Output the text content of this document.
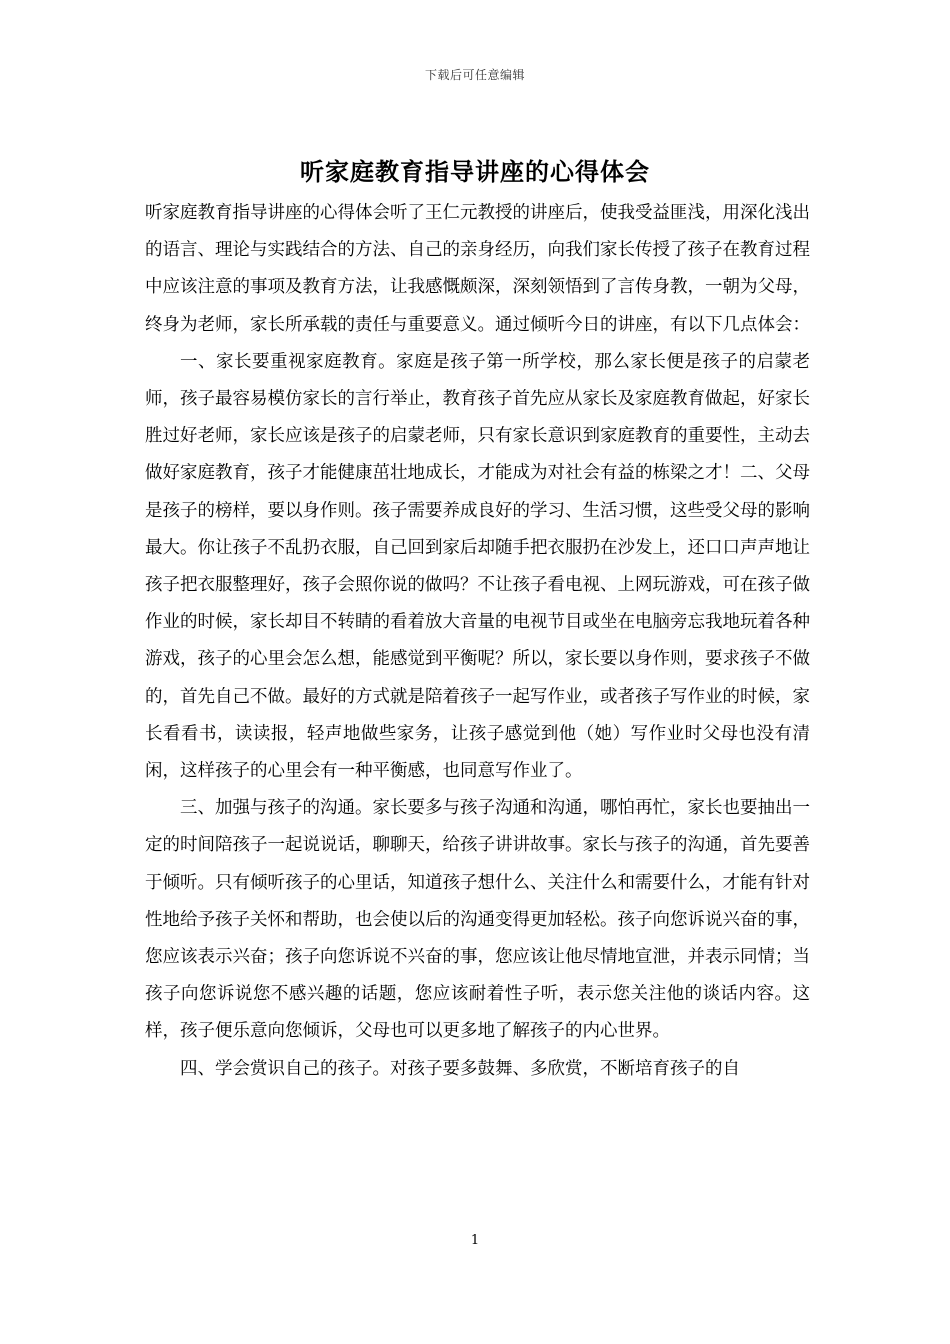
下载后可任意编辑
听家庭教育指导讲座的心得体会

听家庭教育指导讲座的心得体会听了王仁元教授的讲座后，使我受益匪浅，用深化浅出的语言、理论与实践结合的方法、自己的亲身经历，向我们家长传授了孩子在教育过程中应该注意的事项及教育方法，让我感慨颇深，深刻领悟到了言传身教，一朝为父母，终身为老师，家长所承载的责任与重要意义。通过倾听今日的讲座，有以下几点体会：

一、家长要重视家庭教育。家庭是孩子第一所学校，那么家长便是孩子的启蒙老师，孩子最容易模仿家长的言行举止，教育孩子首先应从家长及家庭教育做起，好家长胜过好老师，家长应该是孩子的启蒙老师，只有家长意识到家庭教育的重要性，主动去做好家庭教育，孩子才能健康茁壮地成长，才能成为对社会有益的栋梁之才！二、父母是孩子的榜样，要以身作则。孩子需要养成良好的学习、生活习惯，这些受父母的影响最大。你让孩子不乱扔衣服，自己回到家后却随手把衣服扔在沙发上，还口口声声地让孩子把衣服整理好，孩子会照你说的做吗？不让孩子看电视、上网玩游戏，可在孩子做作业的时候，家长却目不转睛的看着放大音量的电视节目或坐在电脑旁忘我地玩着各种游戏，孩子的心里会怎么想，能感觉到平衡呢？所以，家长要以身作则，要求孩子不做的，首先自己不做。最好的方式就是陪着孩子一起写作业，或者孩子写作业的时候，家长看看书，读读报，轻声地做些家务，让孩子感觉到他（她）写作业时父母也没有清闲，这样孩子的心里会有一种平衡感，也同意写作业了。

三、加强与孩子的沟通。家长要多与孩子沟通和沟通，哪怕再忙，家长也要抽出一定的时间陪孩子一起说说话，聊聊天，给孩子讲讲故事。家长与孩子的沟通，首先要善于倾听。只有倾听孩子的心里话，知道孩子想什么、关注什么和需要什么，才能有针对性地给予孩子关怀和帮助，也会使以后的沟通变得更加轻松。孩子向您诉说兴奋的事，您应该表示兴奋；孩子向您诉说不兴奋的事，您应该让他尽情地宣泄，并表示同情；当孩子向您诉说您不感兴趣的话题，您应该耐着性子听，表示您关注他的谈话内容。这样，孩子便乐意向您倾诉，父母也可以更多地了解孩子的内心世界。

四、学会赏识自己的孩子。对孩子要多鼓舞、多欣赏，不断培育孩子的自

1
